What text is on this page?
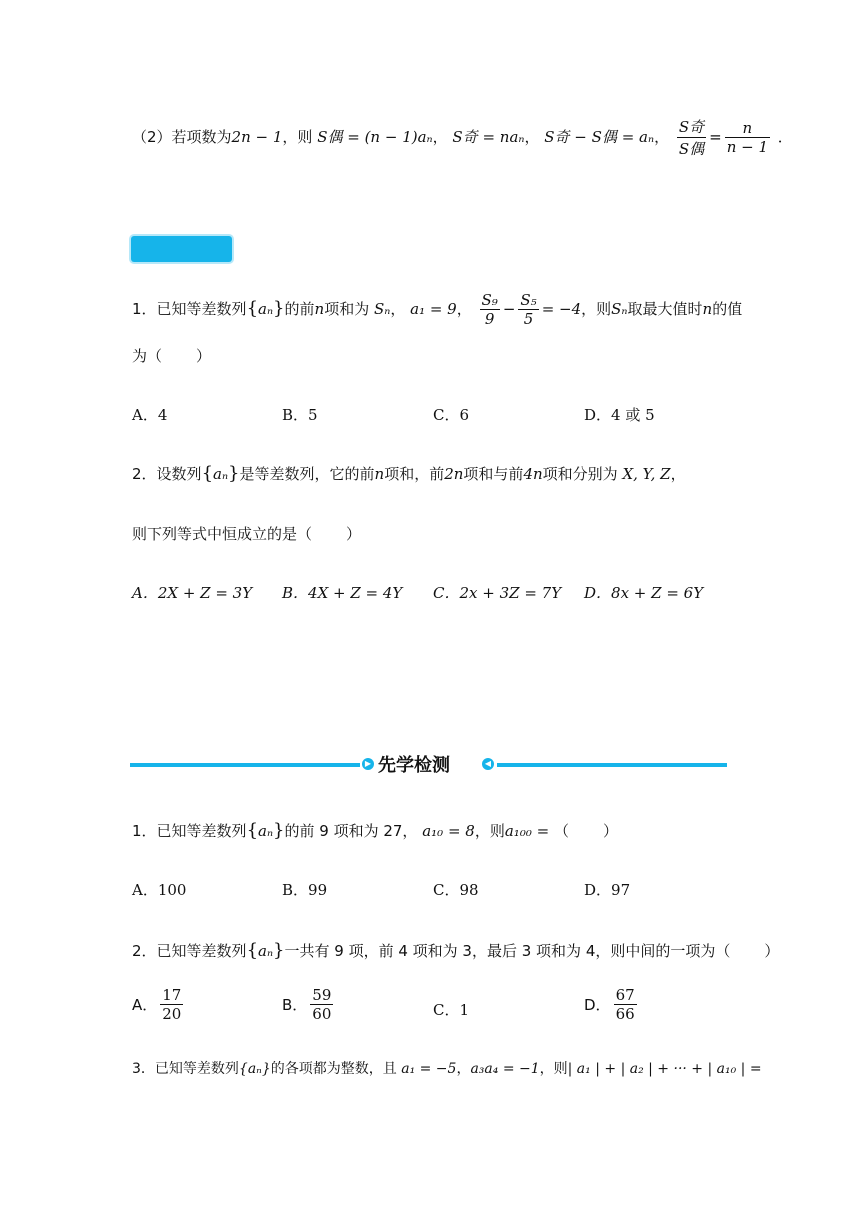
（2）若项数为2n − 1，则 S偶 = (n − 1)aₙ， S奇 = naₙ， S奇 − S偶 = aₙ， $\frac{\text{S奇}}{\text{S偶}} = \frac{n}{n - 1}$ ．
1．已知等差数列{aₙ}的前n项和为 Sₙ， a₁ = 9， $\frac{\text{S₉}}{9} - \frac{\text{S₅}}{5} = -4$，则Sₙ取最大值时n的值
为（ ）
A．4	B．5	C．6	D．4 或 5
2．设数列{aₙ}是等差数列，它的前n项和，前2n项和与前4n项和分别为 X, Y, Z，
则下列等式中恒成立的是（ ）
A．2X + Z = 3Y B．4X + Z = 4Y C．2x + 3Z = 7Y D．8x + Z = 6Y
▶ 先学检测	◀
1．已知等差数列{aₙ}的前 9 项和为 27， a₁₀ = 8，则a₁₀₀ = （ ）
A．100	B．99	C．98	D．97
2．已知等差数列{aₙ}一共有 9 项，前 4 项和为 3，最后 3 项和为 4，则中间的一项为（ ）
A． $\frac{17}{20}$	B． $\frac{59}{60}$	C．1	D． $\frac{67}{66}$
3．已知等差数列{aₙ}的各项都为整数，且 a₁ = −5，a₃a₄ = −1，则| a₁ | + | a₂ | + ··· + | a₁₀ | =
